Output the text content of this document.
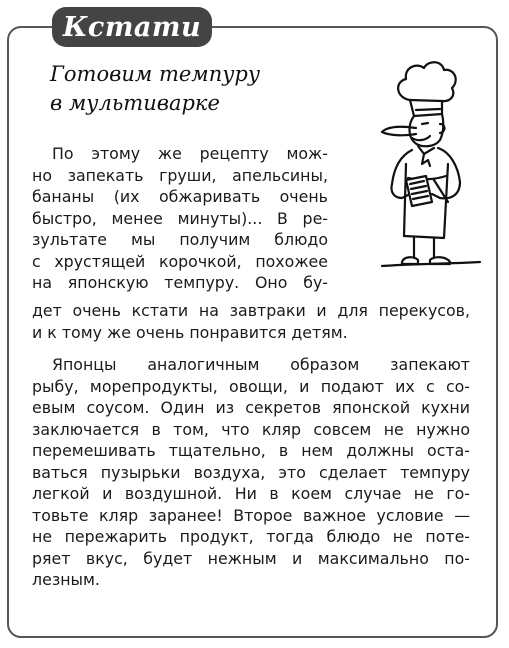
Кстати
Готовим темпуру
в мультиварке
По этому же рецепту мож-
но запекать груши, апельсины,
бананы (их обжаривать очень
быстро, менее минуты)... В ре-
зультате мы получим блюдо
с хрустящей корочкой, похожее
на японскую темпуру. Оно бу-
дет очень кстати на завтраки и для перекусов,
и к тому же очень понравится детям.
Японцы аналогичным образом запекают
рыбу, морепродукты, овощи, и подают их с со-
евым соусом. Один из секретов японской кухни
заключается в том, что кляр совсем не нужно
перемешивать тщательно, в нем должны оста-
ваться пузырьки воздуха, это сделает темпуру
легкой и воздушной. Ни в коем случае не го-
товьте кляр заранее! Второе важное условие —
не пережарить продукт, тогда блюдо не поте-
ряет вкус, будет нежным и максимально по-
лезным.
